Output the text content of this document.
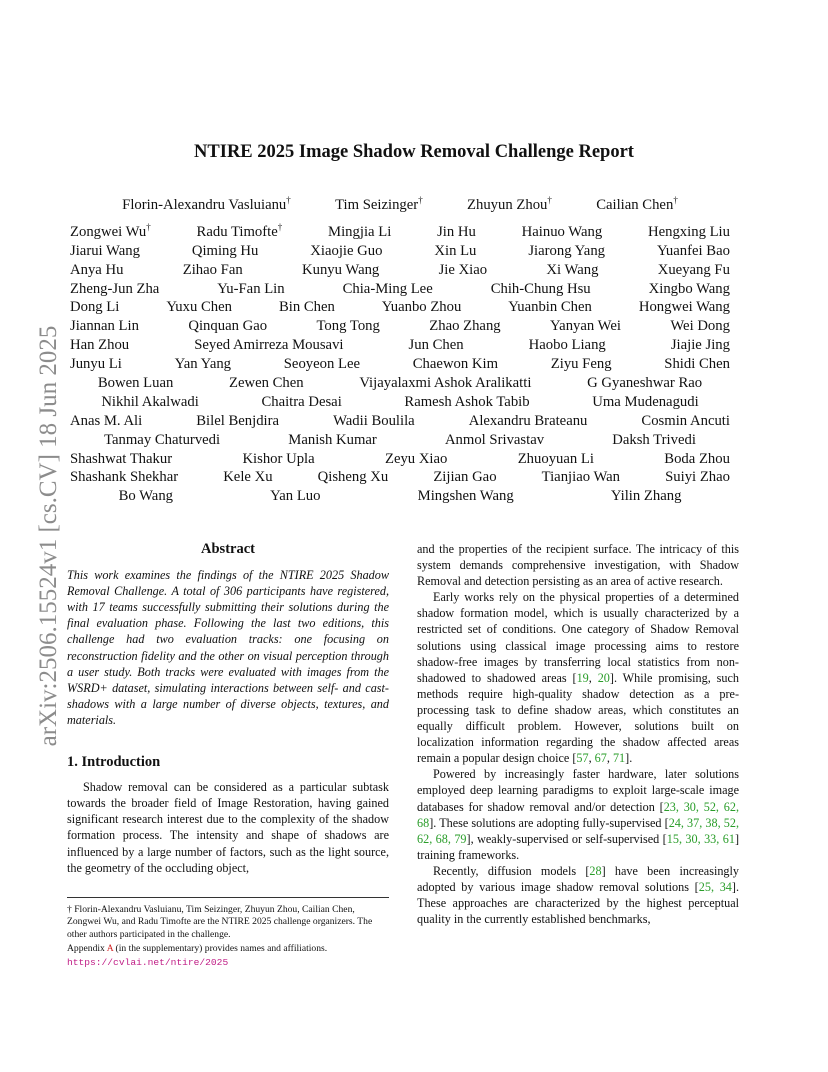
arXiv:2506.15524v1 [cs.CV] 18 Jun 2025
NTIRE 2025 Image Shadow Removal Challenge Report
Florin-Alexandru Vasluianu†	Tim Seizinger†	Zhuyun Zhou†	Cailian Chen†
Zongwei Wu†	Radu Timofte†	Mingjia Li	Jin Hu	Hainuo Wang	Hengxing Liu
Jiarui Wang	Qiming Hu	Xiaojie Guo	Xin Lu	Jiarong Yang	Yuanfei Bao
Anya Hu	Zihao Fan	Kunyu Wang	Jie Xiao	Xi Wang	Xueyang Fu
Zheng-Jun Zha	Yu-Fan Lin	Chia-Ming Lee	Chih-Chung Hsu	Xingbo Wang
Dong Li	Yuxu Chen	Bin Chen	Yuanbo Zhou	Yuanbin Chen	Hongwei Wang
Jiannan Lin	Qinquan Gao	Tong Tong	Zhao Zhang	Yanyan Wei	Wei Dong
Han Zhou	Seyed Amirreza Mousavi	Jun Chen	Haobo Liang	Jiajie Jing
Junyu Li	Yan Yang	Seoyeon Lee	Chaewon Kim	Ziyu Feng	Shidi Chen
Bowen Luan	Zewen Chen	Vijayalaxmi Ashok Aralikatti	G Gyaneshwar Rao
Nikhil Akalwadi	Chaitra Desai	Ramesh Ashok Tabib	Uma Mudenagudi
Anas M. Ali	Bilel Benjdira	Wadii Boulila	Alexandru Brateanu	Cosmin Ancuti
Tanmay Chaturvedi	Manish Kumar	Anmol Srivastav	Daksh Trivedi
Shashwat Thakur	Kishor Upla	Zeyu Xiao	Zhuoyuan Li	Boda Zhou
Shashank Shekhar	Kele Xu	Qisheng Xu	Zijian Gao	Tianjiao Wan	Suiyi Zhao
Bo Wang	Yan Luo	Mingshen Wang	Yilin Zhang
Abstract

This work examines the findings of the NTIRE 2025 Shadow Removal Challenge. A total of 306 participants have registered, with 17 teams successfully submitting their solutions during the final evaluation phase. Following the last two editions, this challenge had two evaluation tracks: one focusing on reconstruction fidelity and the other on visual perception through a user study. Both tracks were evaluated with images from the WSRD+ dataset, simulating interactions between self- and cast-shadows with a large number of diverse objects, textures, and materials.

1. Introduction

Shadow removal can be considered as a particular subtask towards the broader field of Image Restoration, having gained significant research interest due to the complexity of the shadow formation process. The intensity and shape of shadows are influenced by a large number of factors, such as the light source, the geometry of the occluding object,

and the properties of the recipient surface. The intricacy of this system demands comprehensive investigation, with Shadow Removal and detection persisting as an area of active research.

Early works rely on the physical properties of a determined shadow formation model, which is usually characterized by a restricted set of conditions. One category of Shadow Removal solutions using classical image processing aims to restore shadow-free images by transferring local statistics from non-shadowed to shadowed areas [19, 20]. While promising, such methods require high-quality shadow detection as a pre-processing task to define shadow areas, which constitutes an equally difficult problem. However, solutions built on localization information regarding the shadow affected areas remain a popular design choice [57, 67, 71].

Powered by increasingly faster hardware, later solutions employed deep learning paradigms to exploit large-scale image databases for shadow removal and/or detection [23, 30, 52, 62, 68]. These solutions are adopting fully-supervised [24, 37, 38, 52, 62, 68, 79], weakly-supervised or self-supervised [15, 30, 33, 61] training frameworks.

Recently, diffusion models [28] have been increasingly adopted by various image shadow removal solutions [25, 34]. These approaches are characterized by the highest perceptual quality in the currently established benchmarks,

† Florin-Alexandru Vasluianu, Tim Seizinger, Zhuyun Zhou, Cailian Chen, Zongwei Wu, and Radu Timofte are the NTIRE 2025 challenge organizers. The other authors participated in the challenge.

Appendix A (in the supplementary) provides names and affiliations.

https://cvlai.net/ntire/2025
